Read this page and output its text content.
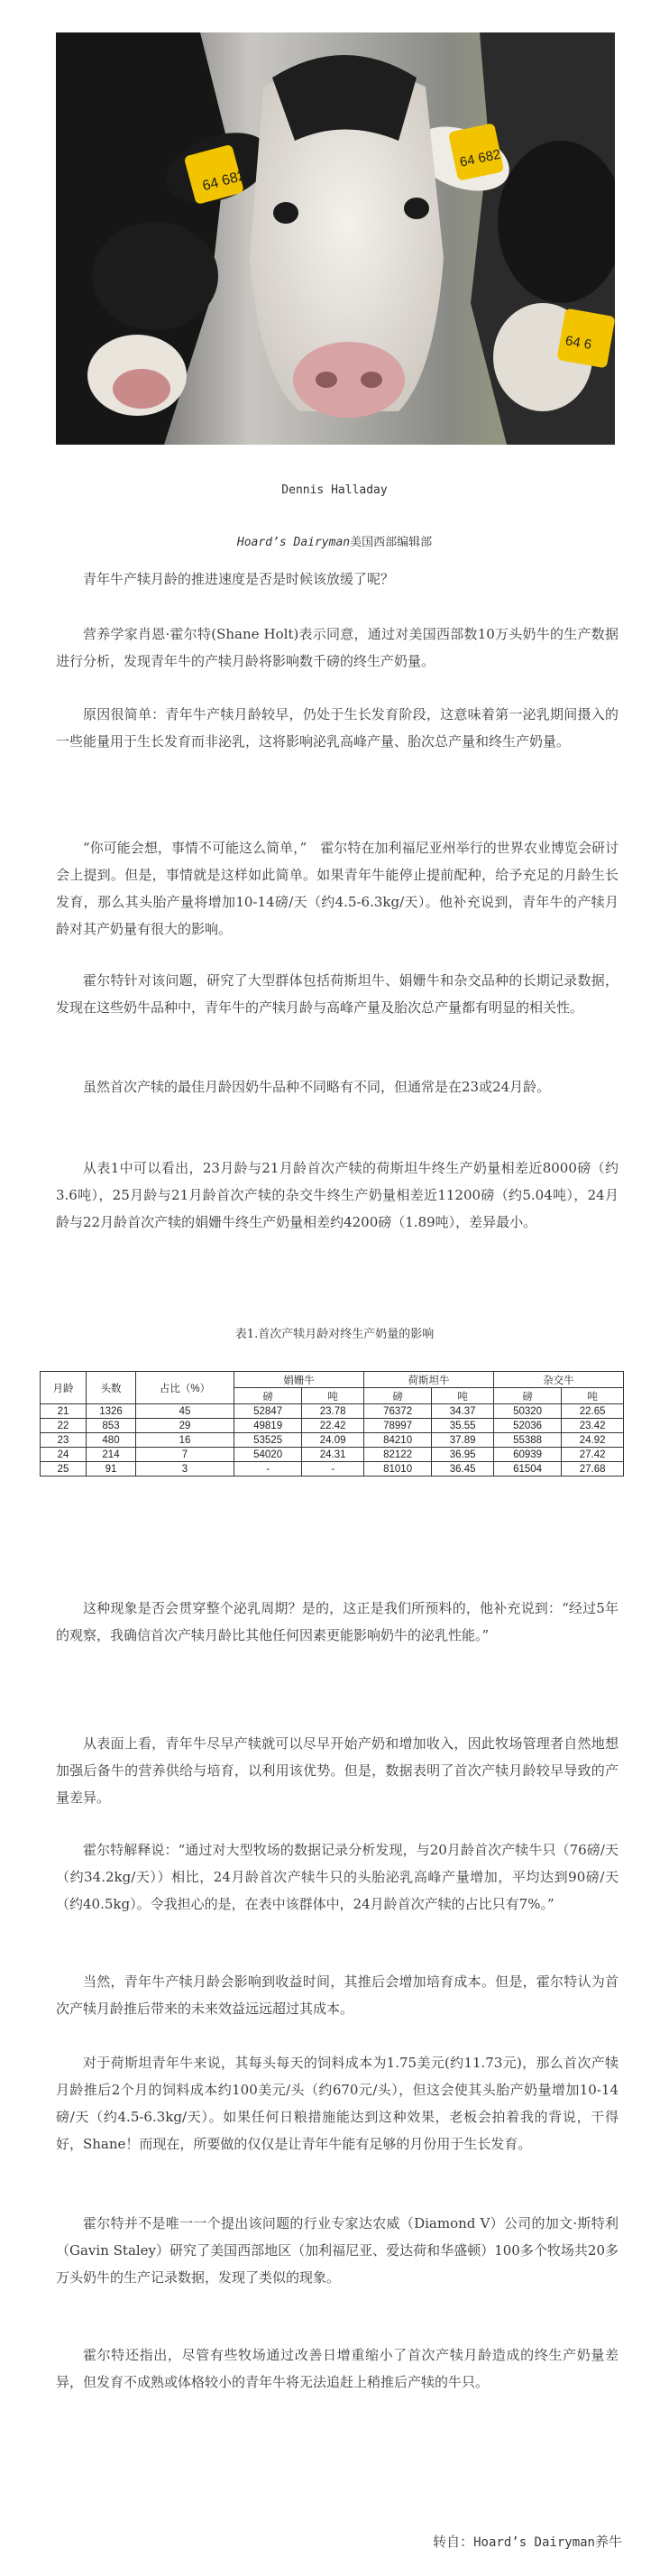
64 682
64 682
64 6
Dennis Halladay
Hoard’s Dairyman美国西部编辑部

青年牛产犊月龄的推进速度是否是时候该放缓了呢？

营养学家肖恩·霍尔特(Shane Holt)表示同意，通过对美国西部数10万头奶牛的生产数据进行分析，发现青年牛的产犊月龄将影响数千磅的终生产奶量。

原因很简单：青年牛产犊月龄较早，仍处于生长发育阶段，这意味着第一泌乳期间摄入的一些能量用于生长发育而非泌乳，这将影响泌乳高峰产量、胎次总产量和终生产奶量。

表1.首次产犊月龄对终生产奶量的影响
月龄	头数	占比（%）	娟姗牛		荷斯坦牛		杂交牛	
			磅	吨	磅	吨	磅	吨
21	1326	45	52847	23.78	76372	34.37	50320	22.65
22	853	29	49819	22.42	78997	35.55	52036	23.42
23	480	16	53525	24.09	84210	37.89	55388	24.92
24	214	7	54020	24.31	82122	36.95	60939	27.42
25	91	3	-	-	81010	36.45	61504	27.68

“你可能会想，事情不可能这么简单，”　霍尔特在加利福尼亚州举行的世界农业博览会研讨会上提到。但是，事情就是这样如此简单。如果青年牛能停止提前配种，给予充足的月龄生长发育，那么其头胎产量将增加10-14磅/天（约4.5-6.3kg/天）。他补充说到，青年牛的产犊月龄对其产奶量有很大的影响。

霍尔特针对该问题，研究了大型群体包括荷斯坦牛、娟姗牛和杂交品种的长期记录数据，发现在这些奶牛品种中，青年牛的产犊月龄与高峰产量及胎次总产量都有明显的相关性。

虽然首次产犊的最佳月龄因奶牛品种不同略有不同，但通常是在23或24月龄。

从表1中可以看出，23月龄与21月龄首次产犊的荷斯坦牛终生产奶量相差近8000磅（约3.6吨），25月龄与21月龄首次产犊的杂交牛终生产奶量相差近11200磅（约5.04吨），24月龄与22月龄首次产犊的娟姗牛终生产奶量相差约4200磅（1.89吨），差异最小。

这种现象是否会贯穿整个泌乳周期？是的，这正是我们所预料的，他补充说到：“经过5年的观察，我确信首次产犊月龄比其他任何因素更能影响奶牛的泌乳性能。”

从表面上看，青年牛尽早产犊就可以尽早开始产奶和增加收入，因此牧场管理者自然地想加强后备牛的营养供给与培育，以利用该优势。但是，数据表明了首次产犊月龄较早导致的产量差异。

霍尔特解释说：“通过对大型牧场的数据记录分析发现，与20月龄首次产犊牛只（76磅/天（约34.2kg/天））相比，24月龄首次产犊牛只的头胎泌乳高峰产量增加，平均达到90磅/天（约40.5kg）。令我担心的是，在表中该群体中，24月龄首次产犊的占比只有7%。”

当然，青年牛产犊月龄会影响到收益时间，其推后会增加培育成本。但是，霍尔特认为首次产犊月龄推后带来的未来效益远远超过其成本。

对于荷斯坦青年牛来说，其每头每天的饲料成本为1.75美元(约11.73元)，那么首次产犊月龄推后2个月的饲料成本约100美元/头（约670元/头），但这会使其头胎产奶量增加10-14磅/天（约4.5-6.3kg/天）。如果任何日粮措施能达到这种效果，老板会拍着我的背说，干得好，Shane！而现在，所要做的仅仅是让青年牛能有足够的月份用于生长发育。

霍尔特并不是唯一一个提出该问题的行业专家达农威（Diamond V）公司的加文·斯特利（Gavin Staley）研究了美国西部地区（加利福尼亚、爱达荷和华盛顿）100多个牧场共20多万头奶牛的生产记录数据，发现了类似的现象。

霍尔特还指出，尽管有些牧场通过改善日增重缩小了首次产犊月龄造成的终生产奶量差异，但发育不成熟或体格较小的青年牛将无法追赶上稍推后产犊的牛只。

转自：Hoard’s Dairyman养牛
